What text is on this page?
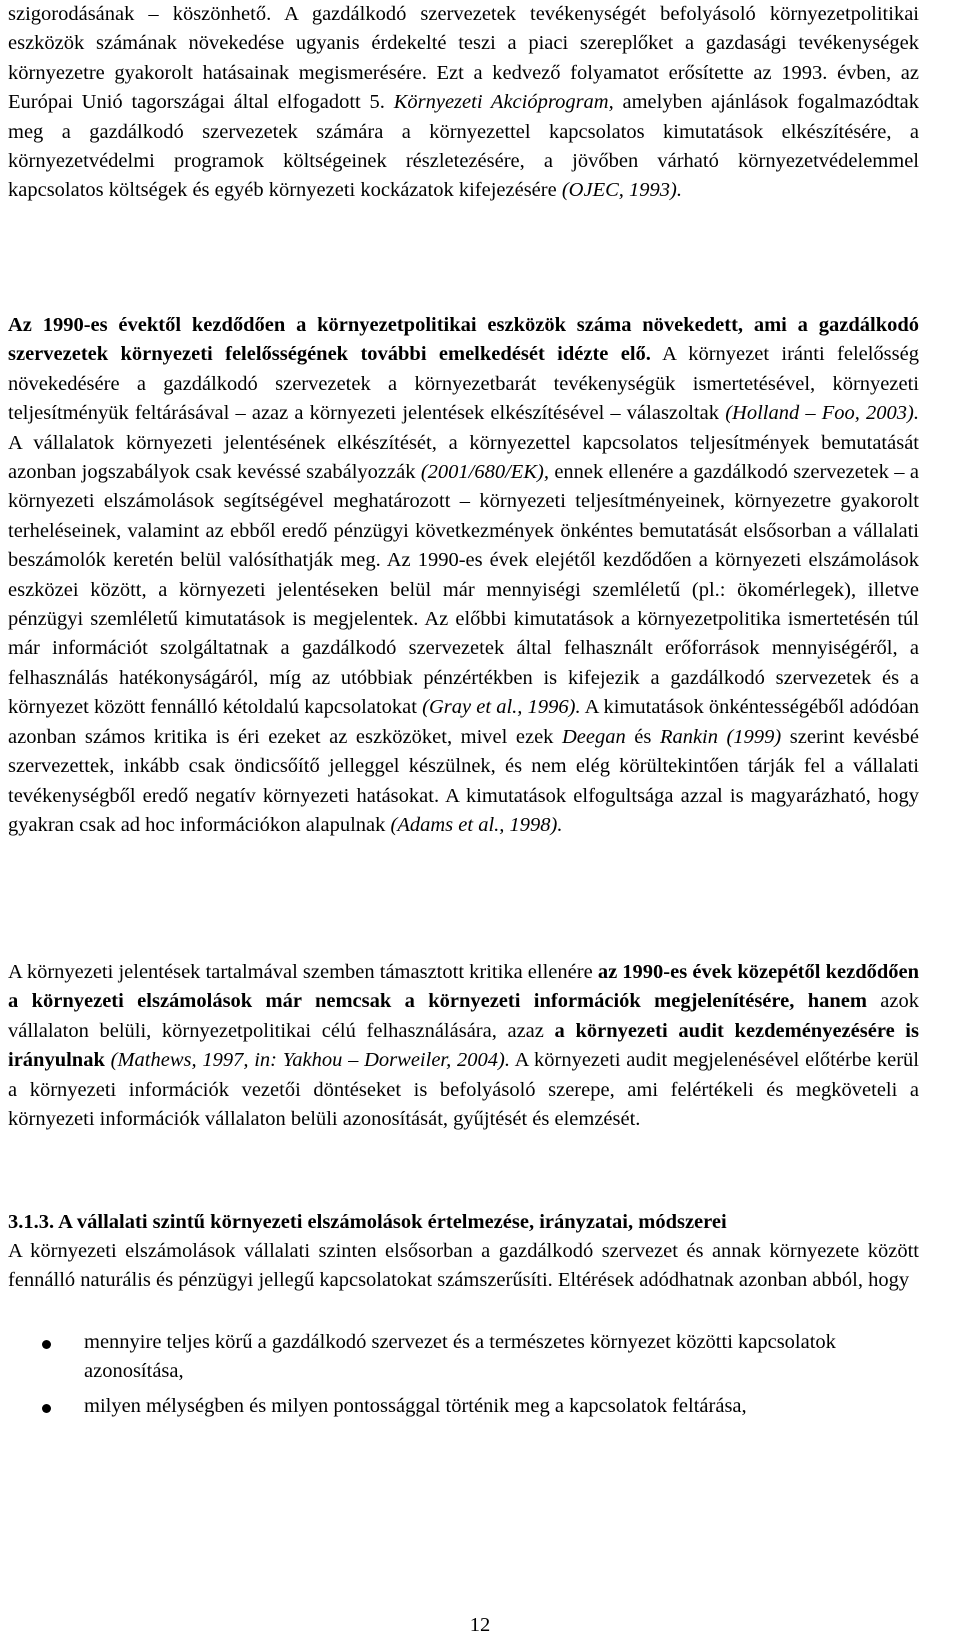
szigorodásának – köszönhető. A gazdálkodó szervezetek tevékenységét befolyásoló környezetpolitikai eszközök számának növekedése ugyanis érdekelté teszi a piaci szereplőket a gazdasági tevékenységek környezetre gyakorolt hatásainak megismerésére. Ezt a kedvező folyamatot erősítette az 1993. évben, az Európai Unió tagországai által elfogadott 5. Környezeti Akcióprogram, amelyben ajánlások fogalmazódtak meg a gazdálkodó szervezetek számára a környezettel kapcsolatos kimutatások elkészítésére, a környezetvédelmi programok költségeinek részletezésére, a jövőben várható környezetvédelemmel kapcsolatos költségek és egyéb környezeti kockázatok kifejezésére (OJEC, 1993).

Az 1990-es évektől kezdődően a környezetpolitikai eszközök száma növekedett, ami a gazdálkodó szervezetek környezeti felelősségének további emelkedését idézte elő. A környezet iránti felelősség növekedésére a gazdálkodó szervezetek a környezetbarát tevékenységük ismertetésével, környezeti teljesítményük feltárásával – azaz a környezeti jelentések elkészítésével – válaszoltak (Holland – Foo, 2003). A vállalatok környezeti jelentésének elkészítését, a környezettel kapcsolatos teljesítmények bemutatását azonban jogszabályok csak kevéssé szabályozzák (2001/680/EK), ennek ellenére a gazdálkodó szervezetek – a környezeti elszámolások segítségével meghatározott – környezeti teljesítményeinek, környezetre gyakorolt terheléseinek, valamint az ebből eredő pénzügyi következmények önkéntes bemutatását elsősorban a vállalati beszámolók keretén belül valósíthatják meg. Az 1990-es évek elejétől kezdődően a környezeti elszámolások eszközei között, a környezeti jelentéseken belül már mennyiségi szemléletű (pl.: ökomérlegek), illetve pénzügyi szemléletű kimutatások is megjelentek. Az előbbi kimutatások a környezetpolitika ismertetésén túl már információt szolgáltatnak a gazdálkodó szervezetek által felhasznált erőforrások mennyiségéről, a felhasználás hatékonyságáról, míg az utóbbiak pénzértékben is kifejezik a gazdálkodó szervezetek és a környezet között fennálló kétoldalú kapcsolatokat (Gray et al., 1996). A kimutatások önkéntességéből adódóan azonban számos kritika is éri ezeket az eszközöket, mivel ezek Deegan és Rankin (1999) szerint kevésbé szervezettek, inkább csak öndicsőítő jelleggel készülnek, és nem elég körültekintően tárják fel a vállalati tevékenységből eredő negatív környezeti hatásokat. A kimutatások elfogultsága azzal is magyarázható, hogy gyakran csak ad hoc információkon alapulnak (Adams et al., 1998).

A környezeti jelentések tartalmával szemben támasztott kritika ellenére az 1990-es évek közepétől kezdődően a környezeti elszámolások már nemcsak a környezeti információk megjelenítésére, hanem azok vállalaton belüli, környezetpolitikai célú felhasználására, azaz a környezeti audit kezdeményezésére is irányulnak (Mathews, 1997, in: Yakhou – Dorweiler, 2004). A környezeti audit megjelenésével előtérbe kerül a környezeti információk vezetői döntéseket is befolyásoló szerepe, ami felértékeli és megköveteli a környezeti információk vállalaton belüli azonosítását, gyűjtését és elemzését.

3.1.3. A vállalati szintű környezeti elszámolások értelmezése, irányzatai, módszerei

A környezeti elszámolások vállalati szinten elsősorban a gazdálkodó szervezet és annak környezete között fennálló naturális és pénzügyi jellegű kapcsolatokat számszerűsíti. Eltérések adódhatnak azonban abból, hogy

mennyire teljes körű a gazdálkodó szervezet és a természetes környezet közötti kapcsolatok azonosítása,
milyen mélységben és milyen pontossággal történik meg a kapcsolatok feltárása,
12
